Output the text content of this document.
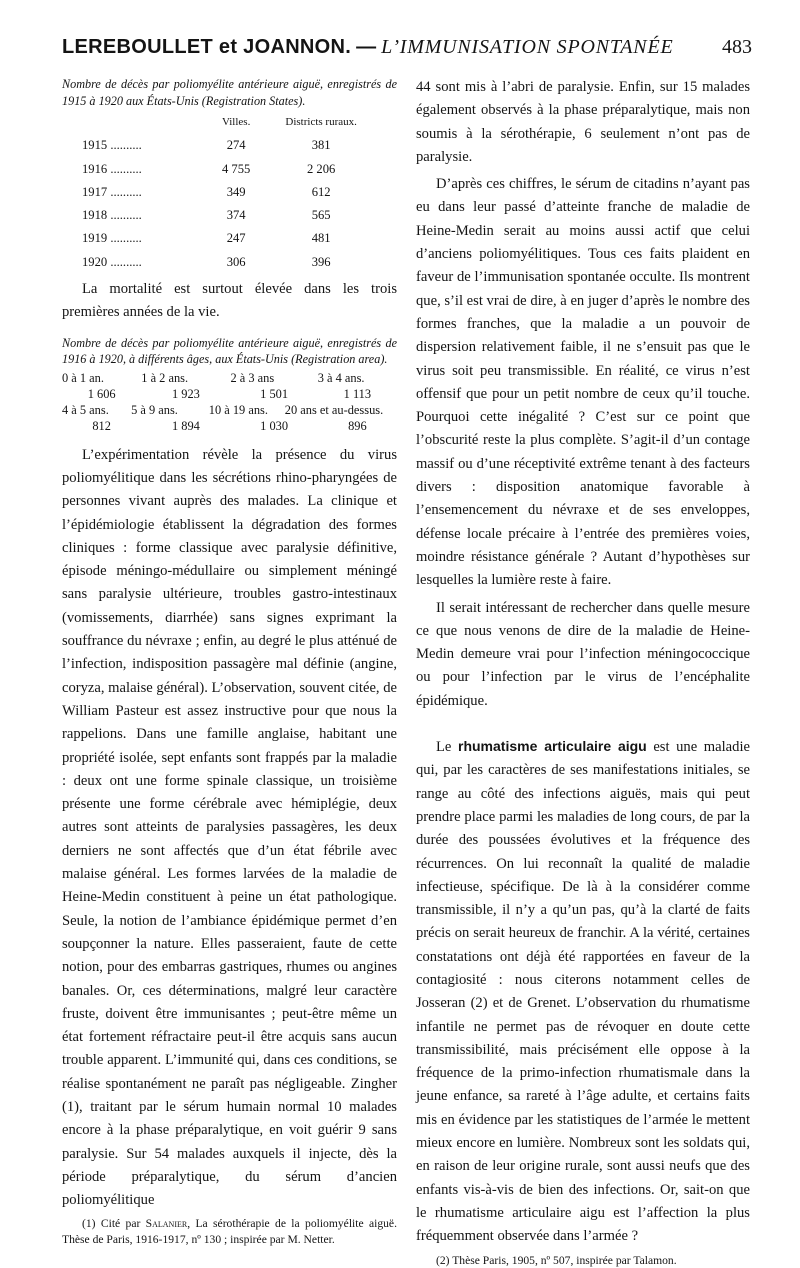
LEREBOULLET et JOANNON. — L’IMMUNISATION SPONTANÉE 483

Nombre de décès par poliomyélite antérieure aiguë, enregistrés de 1915 à 1920 aux États-Unis (Registration States).

	Villes.	Districts ruraux.
1915 ..........	274	381
1916 ..........	4 755	2 206
1917 ..........	349	612
1918 ..........	374	565
1919 ..........	247	481
1920 ..........	306	396

La mortalité est surtout élevée dans les trois premières années de la vie.

Nombre de décès par poliomyélite antérieure aiguë, enregistrés de 1916 à 1920, à différents âges, aux États-Unis (Registration area).

0 à 1 an.	1 à 2 ans.	2 à 3 ans	3 à 4 ans.
1 606	1 923	1 501	1 113
4 à 5 ans.	5 à 9 ans.	10 à 19 ans.	20 ans et au-dessus.
812	1 894	1 030	896

L’expérimentation révèle la présence du virus poliomyélitique dans les sécrétions rhino-pharyngées de personnes vivant auprès des malades. La clinique et l’épidémiologie établissent la dégradation des formes cliniques : forme classique avec paralysie définitive, épisode méningo-médullaire ou simplement méningé sans paralysie ultérieure, troubles gastro-intestinaux (vomissements, diarrhée) sans signes exprimant la souffrance du névraxe ; enfin, au degré le plus atténué de l’infection, indisposition passagère mal définie (angine, coryza, malaise général). L’observation, souvent citée, de William Pasteur est assez instructive pour que nous la rappelions. Dans une famille anglaise, habitant une propriété isolée, sept enfants sont frappés par la maladie : deux ont une forme spinale classique, un troisième présente une forme cérébrale avec hémiplégie, deux autres sont atteints de paralysies passagères, les deux derniers ne sont affectés que d’un état fébrile avec malaise général. Les formes larvées de la maladie de Heine-Medin constituent à peine un état pathologique. Seule, la notion de l’ambiance épidémique permet d’en soupçonner la nature. Elles passeraient, faute de cette notion, pour des embarras gastriques, rhumes ou angines banales. Or, ces déterminations, malgré leur caractère fruste, doivent être immunisantes ; peut-être même un état fortement réfractaire peut-il être acquis sans aucun trouble apparent. L’immunité qui, dans ces conditions, se réalise spontanément ne paraît pas négligeable. Zingher (1), traitant par le sérum humain normal 10 malades encore à la phase préparalytique, en voit guérir 9 sans paralysie. Sur 54 malades auxquels il injecte, dès la période préparalytique, du sérum d’ancien poliomyélitique

(1) Cité par Salanier, La sérothérapie de la poliomyélite aiguë. Thèse de Paris, 1916-1917, nº 130 ; inspirée par M. Netter.

44 sont mis à l’abri de paralysie. Enfin, sur 15 malades également observés à la phase préparalytique, mais non soumis à la sérothérapie, 6 seulement n’ont pas de paralysie.

D’après ces chiffres, le sérum de citadins n’ayant pas eu dans leur passé d’atteinte franche de maladie de Heine-Medin serait au moins aussi actif que celui d’anciens poliomyélitiques. Tous ces faits plaident en faveur de l’immunisation spontanée occulte. Ils montrent que, s’il est vrai de dire, à en juger d’après le nombre des formes franches, que la maladie a un pouvoir de dispersion relativement faible, il ne s’ensuit pas que le virus soit peu transmissible. En réalité, ce virus n’est offensif que pour un petit nombre de ceux qu’il touche. Pourquoi cette inégalité ? C’est sur ce point que l’obscurité reste la plus complète. S’agit-il d’un contage massif ou d’une réceptivité extrême tenant à des facteurs divers : disposition anatomique favorable à l’ensemencement du névraxe et de ses enveloppes, défense locale précaire à l’entrée des premières voies, moindre résistance générale ? Autant d’hypothèses sur lesquelles la lumière reste à faire.

Il serait intéressant de rechercher dans quelle mesure ce que nous venons de dire de la maladie de Heine-Medin demeure vrai pour l’infection méningococcique ou pour l’infection par le virus de l’encéphalite épidémique.

Le rhumatisme articulaire aigu est une maladie qui, par les caractères de ses manifestations initiales, se range au côté des infections aiguës, mais qui peut prendre place parmi les maladies de long cours, de par la durée des poussées évolutives et la fréquence des récurrences. On lui reconnaît la qualité de maladie infectieuse, spécifique. De là à la considérer comme transmissible, il n’y a qu’un pas, qu’à la clarté de faits précis on serait heureux de franchir. A la vérité, certaines constatations ont déjà été rapportées en faveur de la contagiosité : nous citerons notamment celles de Josseran (2) et de Grenet. L’observation du rhumatisme infantile ne permet pas de révoquer en doute cette transmissibilité, mais précisément elle oppose à la fréquence de la primo-infection rhumatismale dans la jeune enfance, sa rareté à l’âge adulte, et certains faits mis en évidence par les statistiques de l’armée le mettent mieux encore en lumière. Nombreux sont les soldats qui, en raison de leur origine rurale, sont aussi neufs que des enfants vis-à-vis de bien des infections. Or, sait-on que le rhumatisme articulaire aigu est l’affection la plus fréquemment observée dans l’armée ?

(2) Thèse Paris, 1905, nº 507, inspirée par Talamon.
